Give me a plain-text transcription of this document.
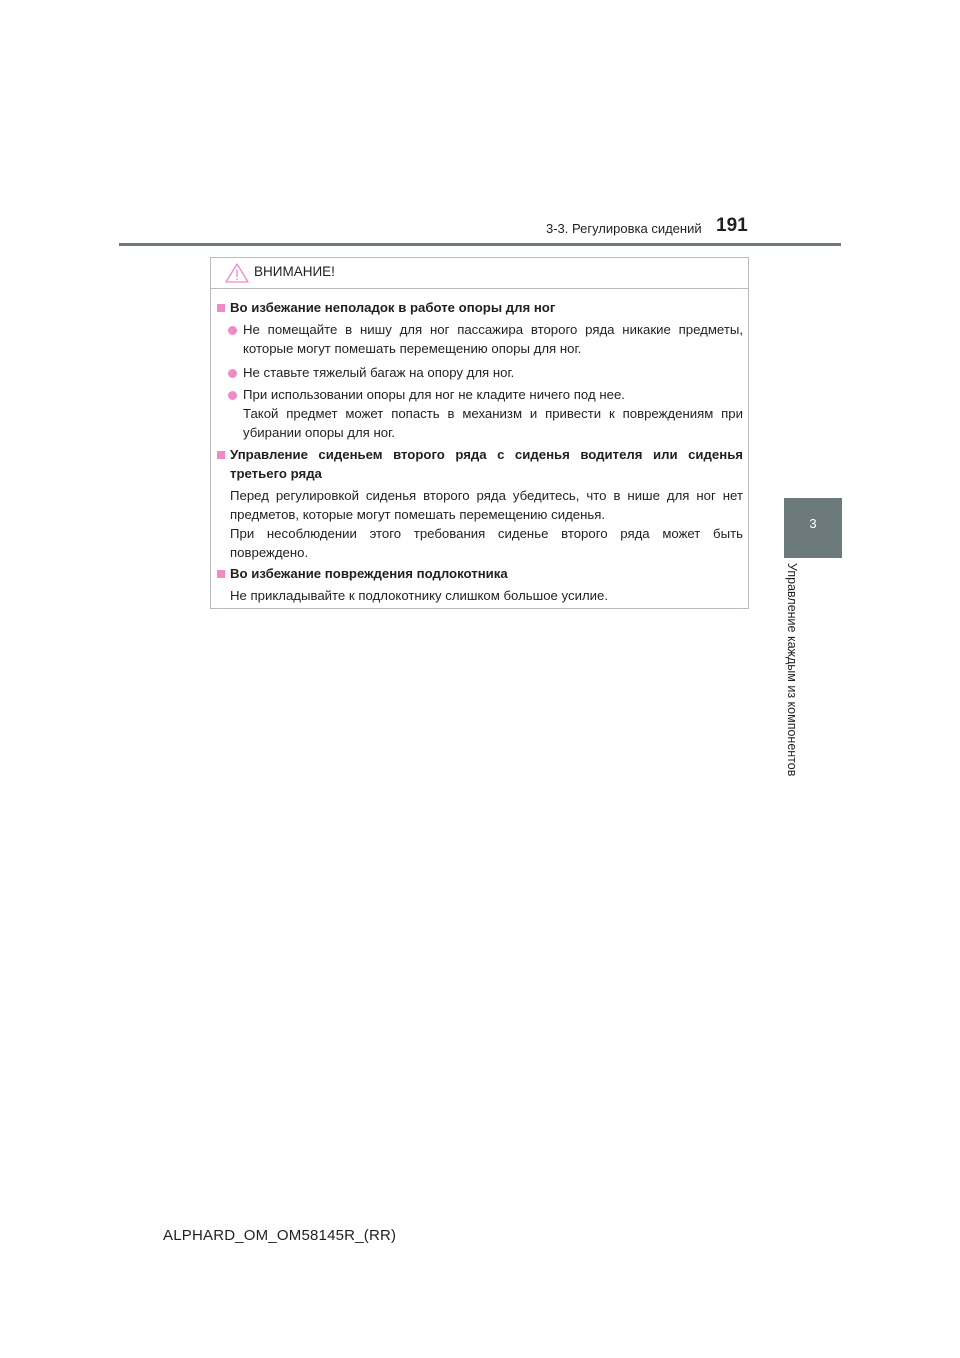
3-3. Регулировка сидений 191
3
Управление каждым из компонентов
ВНИМАНИЕ!
Во избежание неполадок в работе опоры для ног
Не помещайте в нишу для ног пассажира второго ряда никакие предметы,
которые могут помешать перемещению опоры для ног.
Не ставьте тяжелый багаж на опору для ног.
При использовании опоры для ног не кладите ничего под нее.
Такой предмет может попасть в механизм и привести к повреждениям при
убирании опоры для ног.
Управление сиденьем второго ряда с сиденья водителя или сиденья
третьего ряда
Перед регулировкой сиденья второго ряда убедитесь, что в нише для ног нет
предметов, которые могут помешать перемещению сиденья.
При несоблюдении этого требования сиденье второго ряда может быть
повреждено.
Во избежание повреждения подлокотника
Не прикладывайте к подлокотнику слишком большое усилие.
ALPHARD_OM_OM58145R_(RR)
